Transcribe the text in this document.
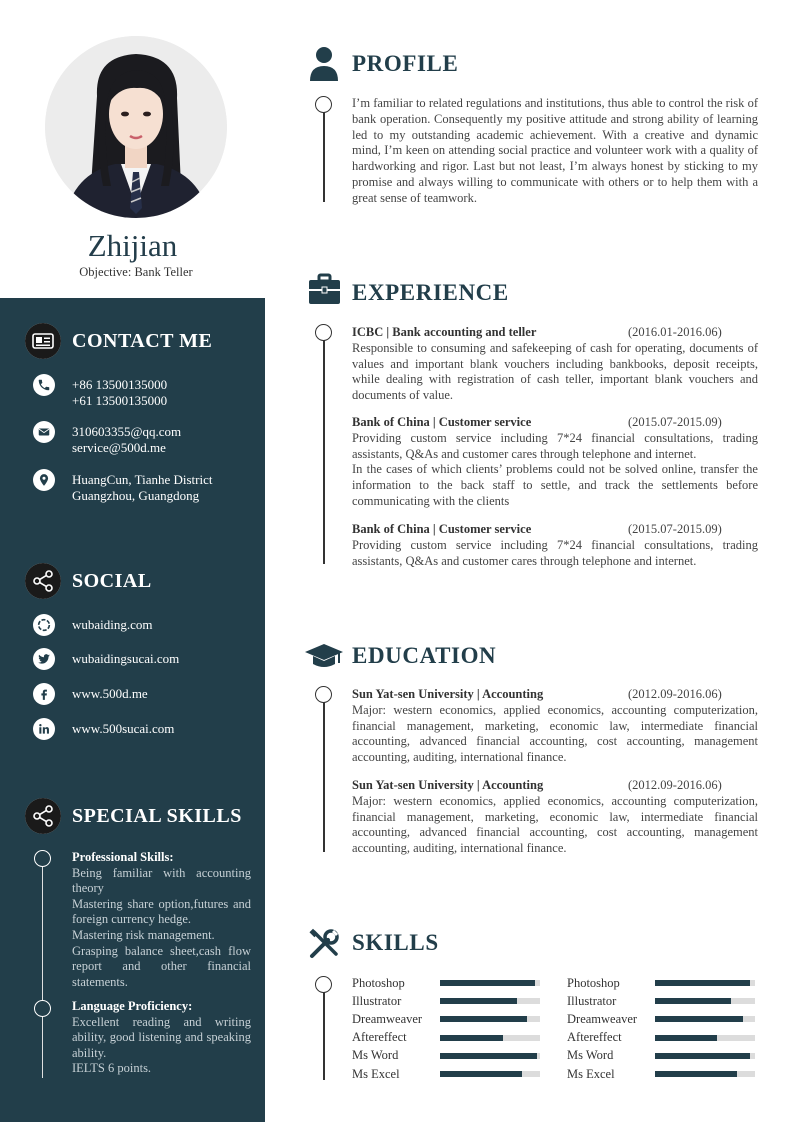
Zhijian
Objective: Bank Teller
CONTACT ME
+86 13500135000
+61 13500135000
310603355@qq.com
service@500d.me
HuangCun, Tianhe District
Guangzhou, Guangdong
SOCIAL
wubaiding.com
wubaidingsucai.com
www.500d.me
www.500sucai.com
SPECIAL SKILLS
Professional Skills:
Being familiar with accounting theory
Mastering share option,futures and foreign currency hedge.
Mastering risk management.
Grasping balance sheet,cash flow report and other financial statements.
Language Proficiency:
Excellent reading and writing ability, good listening and speaking ability.
IELTS 6 points.
PROFILE
I’m familiar to related regulations and institutions, thus able to control the risk of bank operation. Consequently my positive attitude and strong ability of learning led to my outstanding academic achievement. With a creative and dynamic mind, I’m keen on attending social practice and volunteer work with a quality of hardworking and rigor. Last but not least, I’m always honest by sticking to my promise and always willing to communicate with others or to help them with a great sense of teamwork.
EXPERIENCE
ICBC | Bank accounting and teller	(2016.01-2016.06)
Responsible to consuming and safekeeping of cash for operating, documents of values and important blank vouchers including bankbooks, deposit receipts, while dealing with registration of cash teller, important blank vouchers and documents of value.
Bank of China | Customer service	(2015.07-2015.09)
Providing custom service including 7*24 financial consultations, trading assistants, Q&As and customer cares through telephone and internet.
In the cases of which clients’ problems could not be solved online, transfer the information to the back staff to settle, and track the settlements before communicating with the clients
Bank of China | Customer service	(2015.07-2015.09)
Providing custom service including 7*24 financial consultations, trading assistants, Q&As and customer cares through telephone and internet.
EDUCATION
Sun Yat-sen University | Accounting	(2012.09-2016.06)
Major: western economics, applied economics, accounting computerization, financial management, marketing, economic law, intermediate financial accounting, advanced financial accounting, cost accounting, management accounting, auditing, international finance.
Sun Yat-sen University | Accounting	(2012.09-2016.06)
Major: western economics, applied economics, accounting computerization, financial management, marketing, economic law, intermediate financial accounting, advanced financial accounting, cost accounting, management accounting, auditing, international finance.
SKILLS
Photoshop
Illustrator
Dreamweaver
Aftereffect
Ms Word
Ms Excel
Photoshop
Illustrator
Dreamweaver
Aftereffect
Ms Word
Ms Excel
